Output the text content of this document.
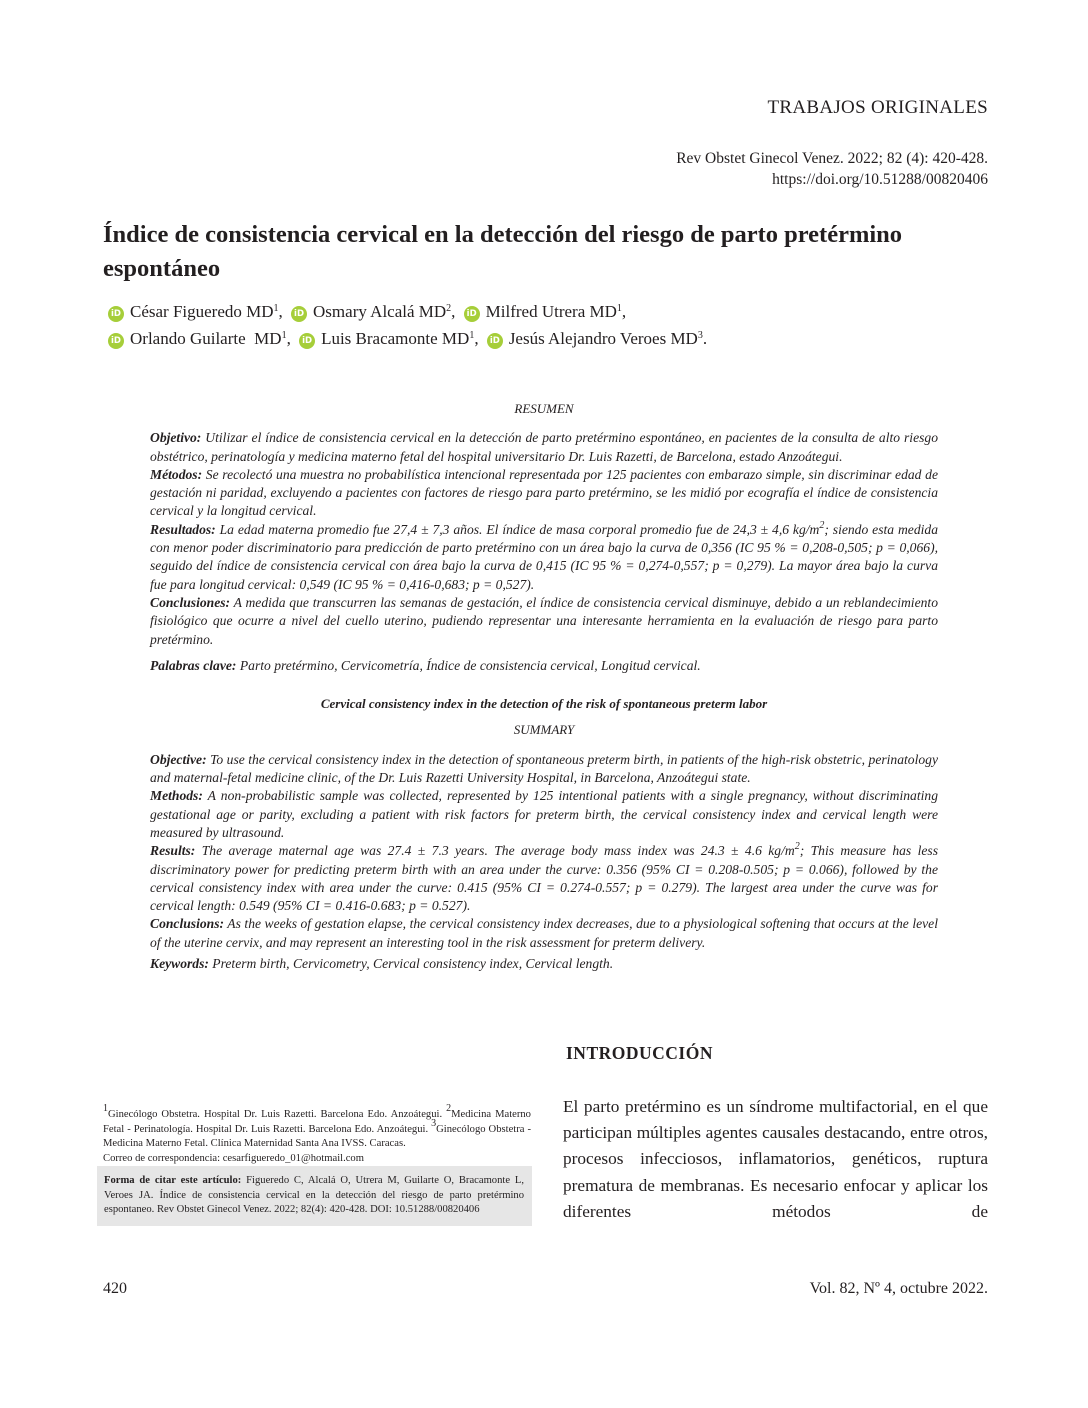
TRABAJOS ORIGINALES
Rev Obstet Ginecol Venez. 2022; 82 (4): 420-428.
https://doi.org/10.51288/00820406
Índice de consistencia cervical en la detección del riesgo de parto pretérmino espontáneo
iD César Figueredo $MD^1$, iD Osmary Alcalá $MD^2$, iD Milfred Utrera $MD^1$,
iD Orlando Guilarte  $MD^1$, iD Luis Bracamonte $MD^1$, iD Jesús Alejandro Veroes $MD^3$.
RESUMEN

Objetivo: Utilizar el índice de consistencia cervical en la detección de parto pretérmino espontáneo, en pacientes de la consulta de alto riesgo obstétrico, perinatología y medicina materno fetal del hospital universitario Dr. Luis Razetti, de Barcelona, estado Anzoátegui.

Métodos: Se recolectó una muestra no probabilística intencional representada por 125 pacientes con embarazo simple, sin discriminar edad de gestación ni paridad, excluyendo a pacientes con factores de riesgo para parto pretérmino, se les midió por ecografía el índice de consistencia cervical y la longitud cervical.

Resultados: La edad materna promedio fue 27,4 ± 7,3 años. El índice de masa corporal promedio fue de 24,3 ± 4,6 $kg/m^2$; siendo esta medida con menor poder discriminatorio para predicción de parto pretérmino con un área bajo la curva de 0,356 (IC 95 % = 0,208-0,505; p = 0,066), seguido del índice de consistencia cervical con área bajo la curva de 0,415 (IC 95 % = 0,274-0,557; p = 0,279). La mayor área bajo la curva fue para longitud cervical: 0,549 (IC 95 % = 0,416-0,683; p = 0,527).

Conclusiones: A medida que transcurren las semanas de gestación, el índice de consistencia cervical disminuye, debido a un reblandecimiento fisiológico que ocurre a nivel del cuello uterino, pudiendo representar una interesante herramienta en la evaluación de riesgo para parto pretérmino.

Palabras clave: Parto pretérmino, Cervicometría, Índice de consistencia cervical, Longitud cervical.

Cervical consistency index in the detection of the risk of spontaneous preterm labor
SUMMARY

Objective: To use the cervical consistency index in the detection of spontaneous preterm birth, in patients of the high-risk obstetric, perinatology and maternal-fetal medicine clinic, of the Dr. Luis Razetti University Hospital, in Barcelona, Anzoátegui state.

Methods: A non-probabilistic sample was collected, represented by 125 intentional patients with a single pregnancy, without discriminating gestational age or parity, excluding a patient with risk factors for preterm birth, the cervical consistency index and cervical length were measured by ultrasound.

Results: The average maternal age was 27.4 ± 7.3 years. The average body mass index was 24.3 ± 4.6 $kg/m^2$; This measure has less discriminatory power for predicting preterm birth with an area under the curve: 0.356 (95% CI = 0.208-0.505; p = 0.066), followed by the cervical consistency index with area under the curve: 0.415 (95% CI = 0.274-0.557; p = 0.279). The largest area under the curve was for cervical length: 0.549 (95% CI = 0.416-0.683; p = 0.527).

Conclusions: As the weeks of gestation elapse, the cervical consistency index decreases, due to a physiological softening that occurs at the level of the uterine cervix, and may represent an interesting tool in the risk assessment for preterm delivery.

Keywords: Preterm birth, Cervicometry, Cervical consistency index, Cervical length.

INTRODUCCIÓN
El parto pretérmino es un síndrome multifactorial, en el que participan múltiples agentes causales destacando, entre otros, procesos infecciosos, inflamatorios, genéticos, ruptura prematura de membranas. Es necesario enfocar y aplicar los diferentes métodos de
$^1$Ginecólogo Obstetra. Hospital Dr. Luis Razetti. Barcelona Edo. Anzoátegui. $^2$Medicina Materno Fetal - Perinatología. Hospital Dr. Luis Razetti. Barcelona Edo. Anzoátegui. $^3$Ginecólogo Obstetra - Medicina Materno Fetal. Clínica Maternidad Santa Ana IVSS. Caracas.
Correo de correspondencia: cesarfigueredo_01@hotmail.com
Forma de citar este artículo: Figueredo C, Alcalá O, Utrera M, Guilarte O, Bracamonte L, Veroes JA. Índice de consistencia cervical en la detección del riesgo de parto pretérmino espontaneo. Rev Obstet Ginecol Venez. 2022; 82(4): 420-428. DOI: 10.51288/00820406
420	Vol. 82, Nº 4, octubre 2022.
